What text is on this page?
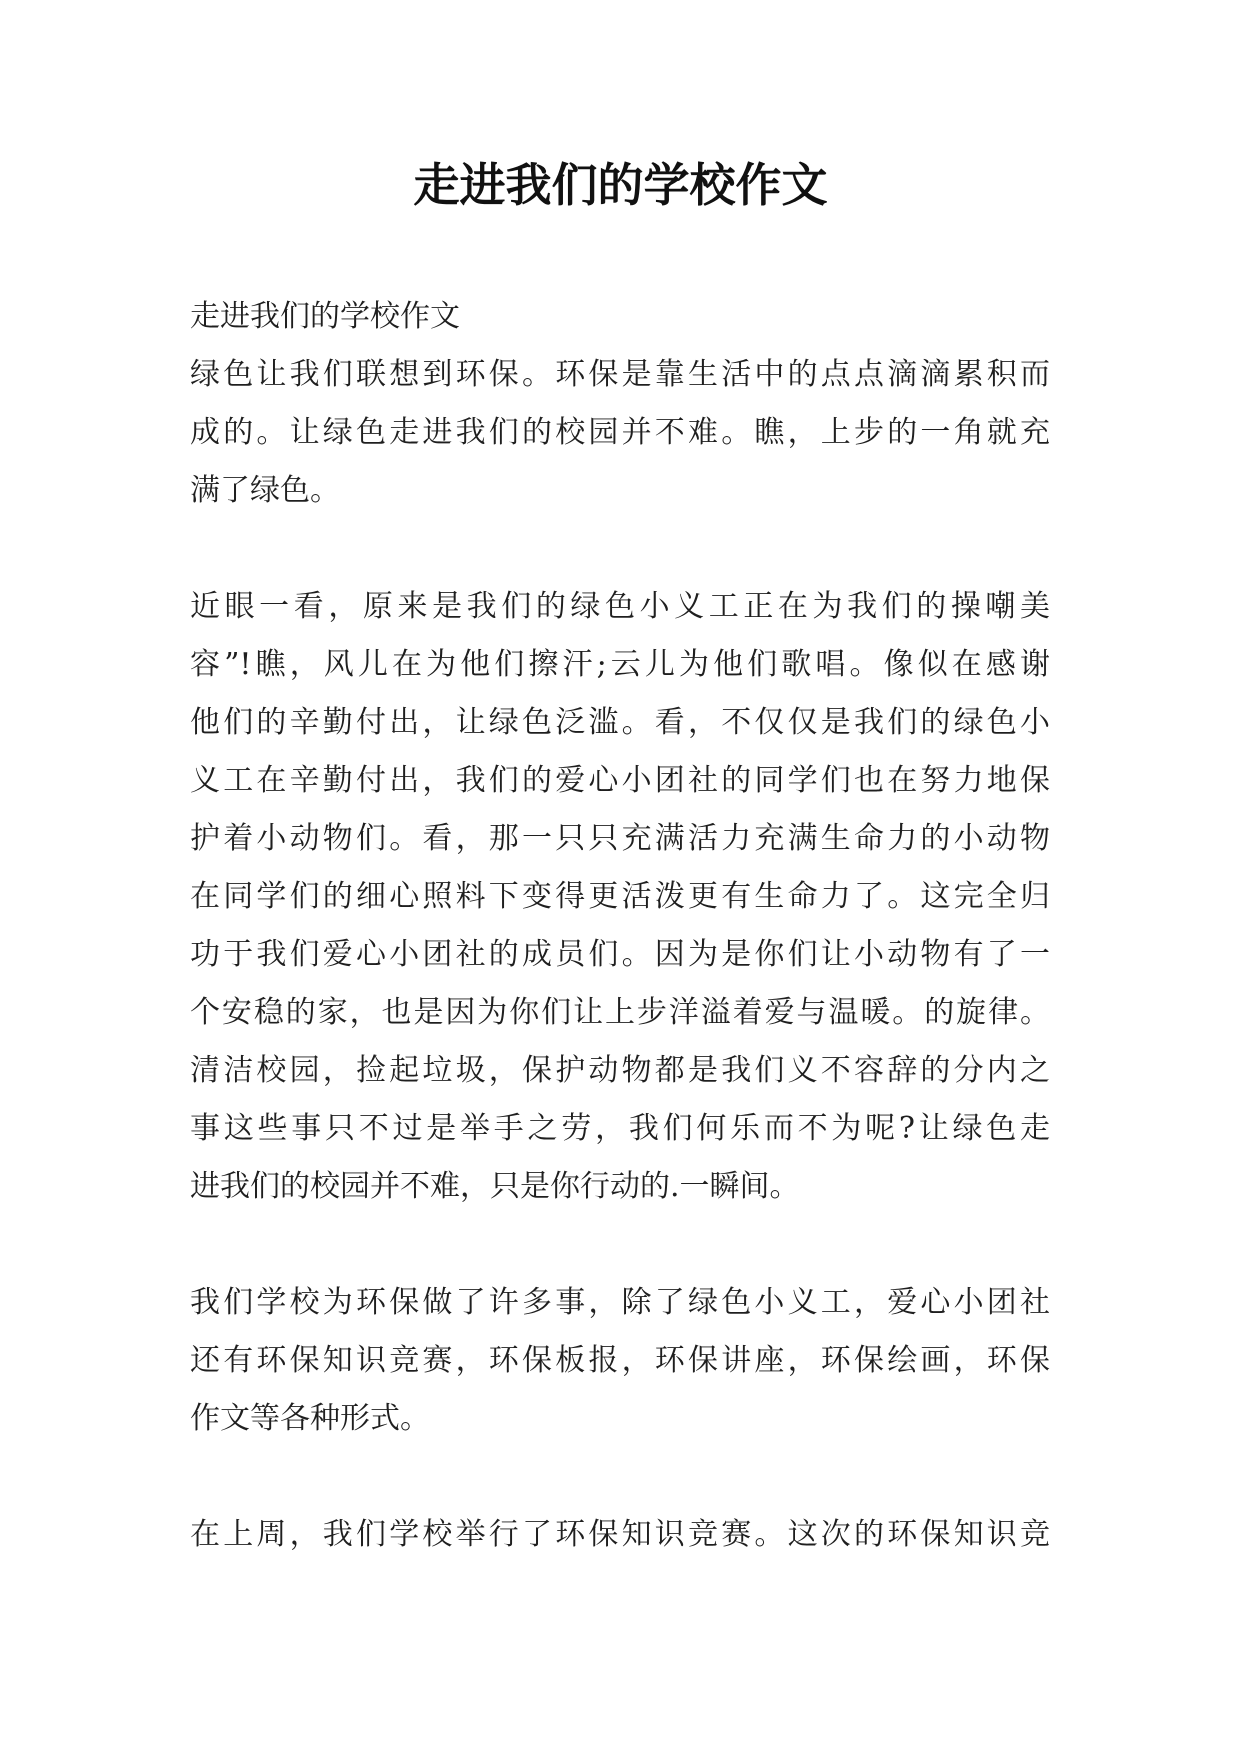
走进我们的学校作文
走进我们的学校作文
绿色让我们联想到环保。环保是靠生活中的点点滴滴累积而
成的。让绿色走进我们的校园并不难。瞧，上步的一角就充
满了绿色。
近眼一看，原来是我们的绿色小义工正在为我们的操嘲美
容”!瞧，风儿在为他们擦汗;云儿为他们歌唱。像似在感谢
他们的辛勤付出，让绿色泛滥。看，不仅仅是我们的绿色小
义工在辛勤付出，我们的爱心小团社的同学们也在努力地保
护着小动物们。看，那一只只充满活力充满生命力的小动物
在同学们的细心照料下变得更活泼更有生命力了。这完全归
功于我们爱心小团社的成员们。因为是你们让小动物有了一
个安稳的家，也是因为你们让上步洋溢着爱与温暖。的旋律。
清洁校园，捡起垃圾，保护动物都是我们义不容辞的分内之
事这些事只不过是举手之劳，我们何乐而不为呢?让绿色走
进我们的校园并不难，只是你行动的.一瞬间。
我们学校为环保做了许多事，除了绿色小义工，爱心小团社
还有环保知识竞赛，环保板报，环保讲座，环保绘画，环保
作文等各种形式。
在上周，我们学校举行了环保知识竞赛。这次的环保知识竞
